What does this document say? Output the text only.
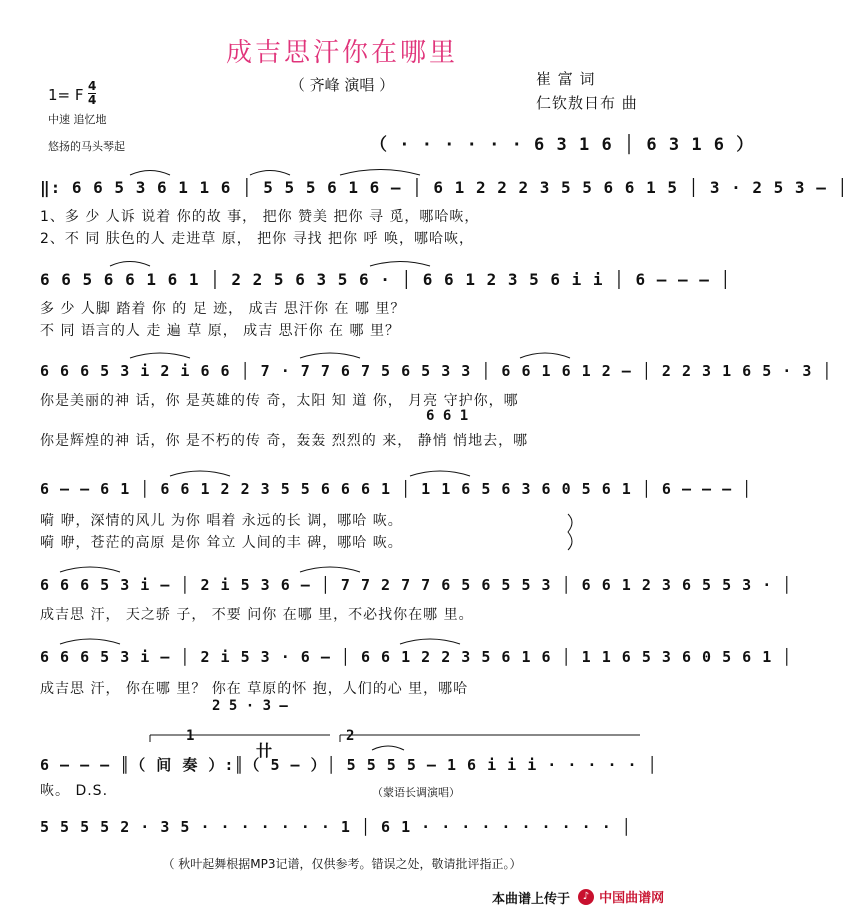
成吉思汗你在哪里
（ 齐峰 演唱 ）	崔 富 词
仁钦敖日布 曲
1= F 4
4
中速 追忆地
悠扬的马头琴起	（ · · · · · · 6 3 1 6 │ 6 3 1 6 ）
‖: 6 6 5 3 6 1 1 6 │ 5 5 5 6 1 6 – │ 6 1 2 2 2 3 5 5 6 6 1 5 │ 3 · 2 5 3 – │
1、多 少 人诉 说着 你的故 事， 把你 赞美 把你 寻 觅，哪哈咴，
2、不 同 肤色的人 走进草 原， 把你 寻找 把你 呼 唤，哪哈咴，
6 6 5 6 6 1 6 1 │ 2 2 5 6 3 5 6 · │ 6 6 1 2 3 5 6 i i │ 6 – – – │
多 少 人脚 踏着 你 的 足 迹， 成吉 思汗你 在 哪 里？
不 同 语言的人 走 遍 草 原， 成吉 思汗你 在 哪 里？
6 6 6 5 3 i 2 i 6 6 │ 7 · 7 7 6 7 5 6 5 3 3 │ 6 6 1 6 1 2 – │ 2 2 3 1 6 5 · 3 │
你是美丽的神 话，你 是英雄的传 奇，太阳 知 道 你， 月亮 守护你，哪
6 6 1
你是辉煌的神 话，你 是不朽的传 奇，轰轰 烈烈的 来， 静悄 悄地去，哪
6 – – 6 1 │ 6 6 1 2 2 3 5 5 6 6 6 1 │ 1 1 6 5 6 3 6 0 5 6 1 │ 6 – – – │
嗬 咿，深情的风儿 为你 唱着 永远的长 调，哪哈 咴。
嗬 咿，苍茫的高原 是你 耸立 人间的丰 碑，哪哈 咴。
6 6 6 5 3 i – │ 2 i 5 3 6 – │ 7 7 2 7 7 6 5 6 5 5 3 │ 6 6 1 2 3 6 5 5 3 · │
成吉思 汗， 天之骄 子， 不要 问你 在哪 里，不必找你在哪 里。
6 6 6 5 3 i – │ 2 i 5 3 · 6 – │ 6 6 1 2 2 3 5 6 1 6 │ 1 1 6 5 3 6 0 5 6 1 │
成吉思 汗， 你在哪 里？ 你在 草原的怀 抱，人们的心 里，哪哈
2 5 · 3 –
1	2
卄
6 – – – ║（ 间 奏 ）:║（ 5 – ）│ 5 5 5 5 – 1 6 i i i · · · · · │
咴。 D.S.	（蒙语长调演唱）
5 5 5 5 2 · 3 5 · · · · · · · 1 │ 6 1 · · · · · · · · · · │
（ 秋叶起舞根据MP3记谱，仅供参考。错误之处，敬请批评指正。）
本曲谱上传于	♪ 中国曲谱网
